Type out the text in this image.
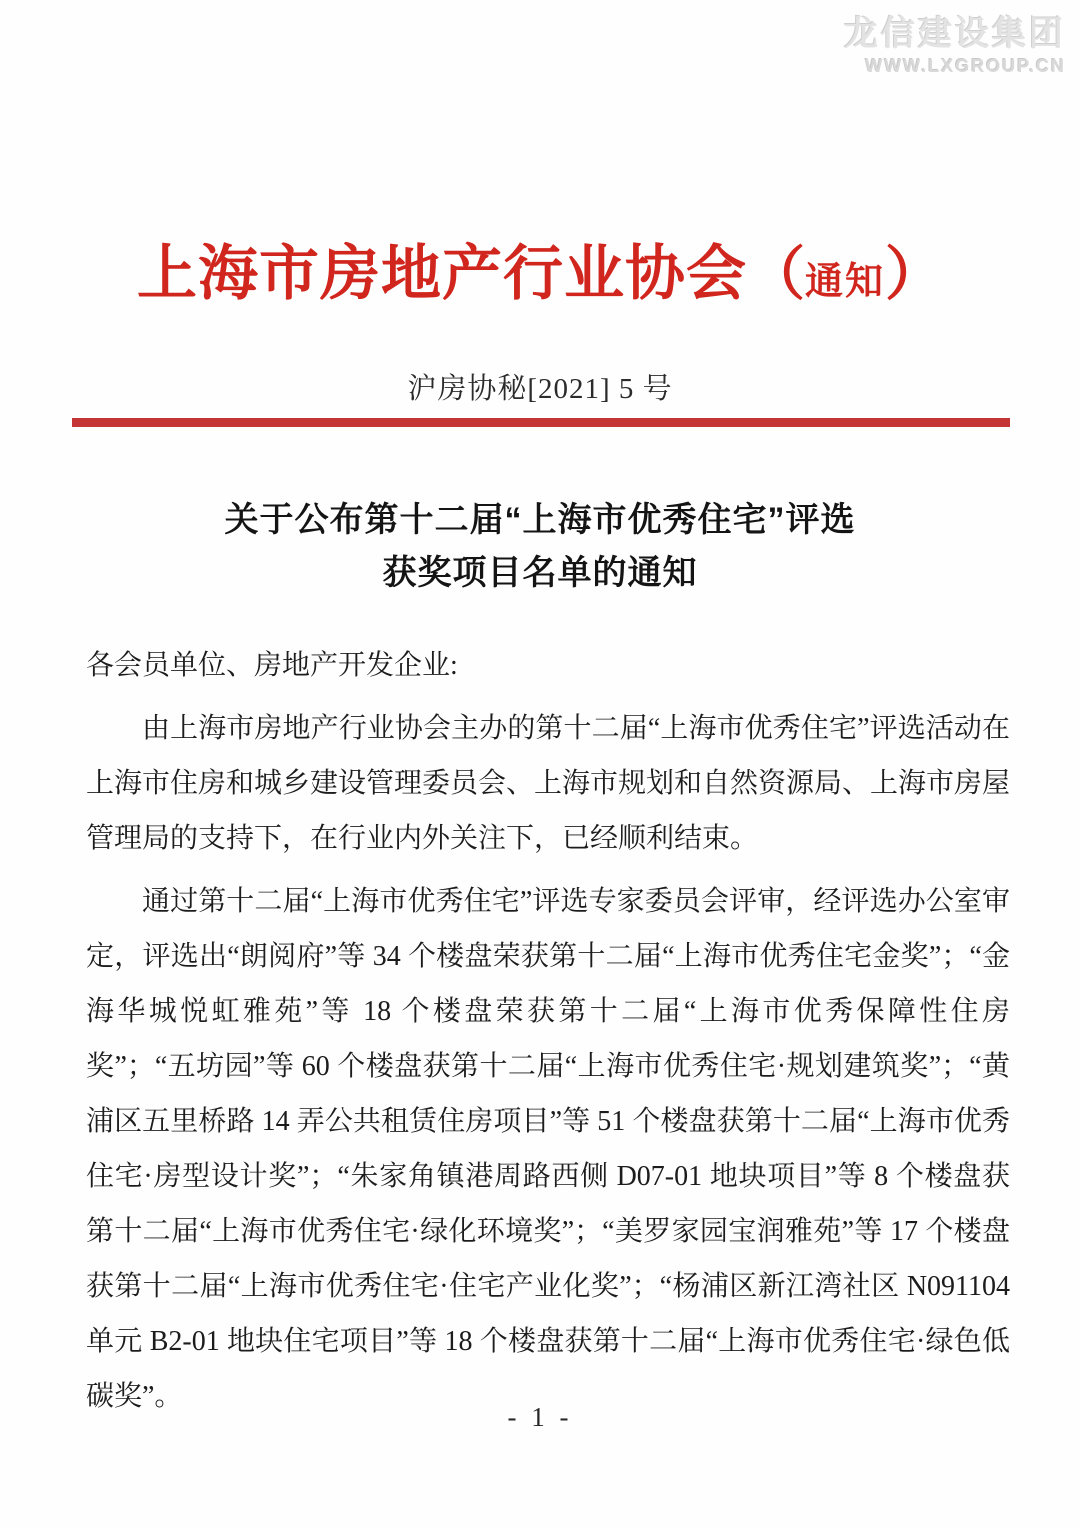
龙信建设集团
WWW.LXGROUP.CN
上海市房地产行业协会（通知）
沪房协秘[2021] 5 号
关于公布第十二届“上海市优秀住宅”评选
获奖项目名单的通知

各会员单位、房地产开发企业:

由上海市房地产行业协会主办的第十二届“上海市优秀住宅”评选活动在上海市住房和城乡建设管理委员会、上海市规划和自然资源局、上海市房屋管理局的支持下，在行业内外关注下，已经顺利结束。

通过第十二届“上海市优秀住宅”评选专家委员会评审，经评选办公室审定，评选出“朗阅府”等 34 个楼盘荣获第十二届“上海市优秀住宅金奖”；“金海华城悦虹雅苑”等 18 个楼盘荣获第十二届“上海市优秀保障性住房奖”；“五坊园”等 60 个楼盘获第十二届“上海市优秀住宅·规划建筑奖”；“黄浦区五里桥路 14 弄公共租赁住房项目”等 51 个楼盘获第十二届“上海市优秀住宅·房型设计奖”；“朱家角镇港周路西侧 D07-01 地块项目”等 8 个楼盘获第十二届“上海市优秀住宅·绿化环境奖”；“美罗家园宝润雅苑”等 17 个楼盘获第十二届“上海市优秀住宅·住宅产业化奖”；“杨浦区新江湾社区 N091104 单元 B2-01 地块住宅项目”等 18 个楼盘获第十二届“上海市优秀住宅·绿色低碳奖”。

- 1 -
